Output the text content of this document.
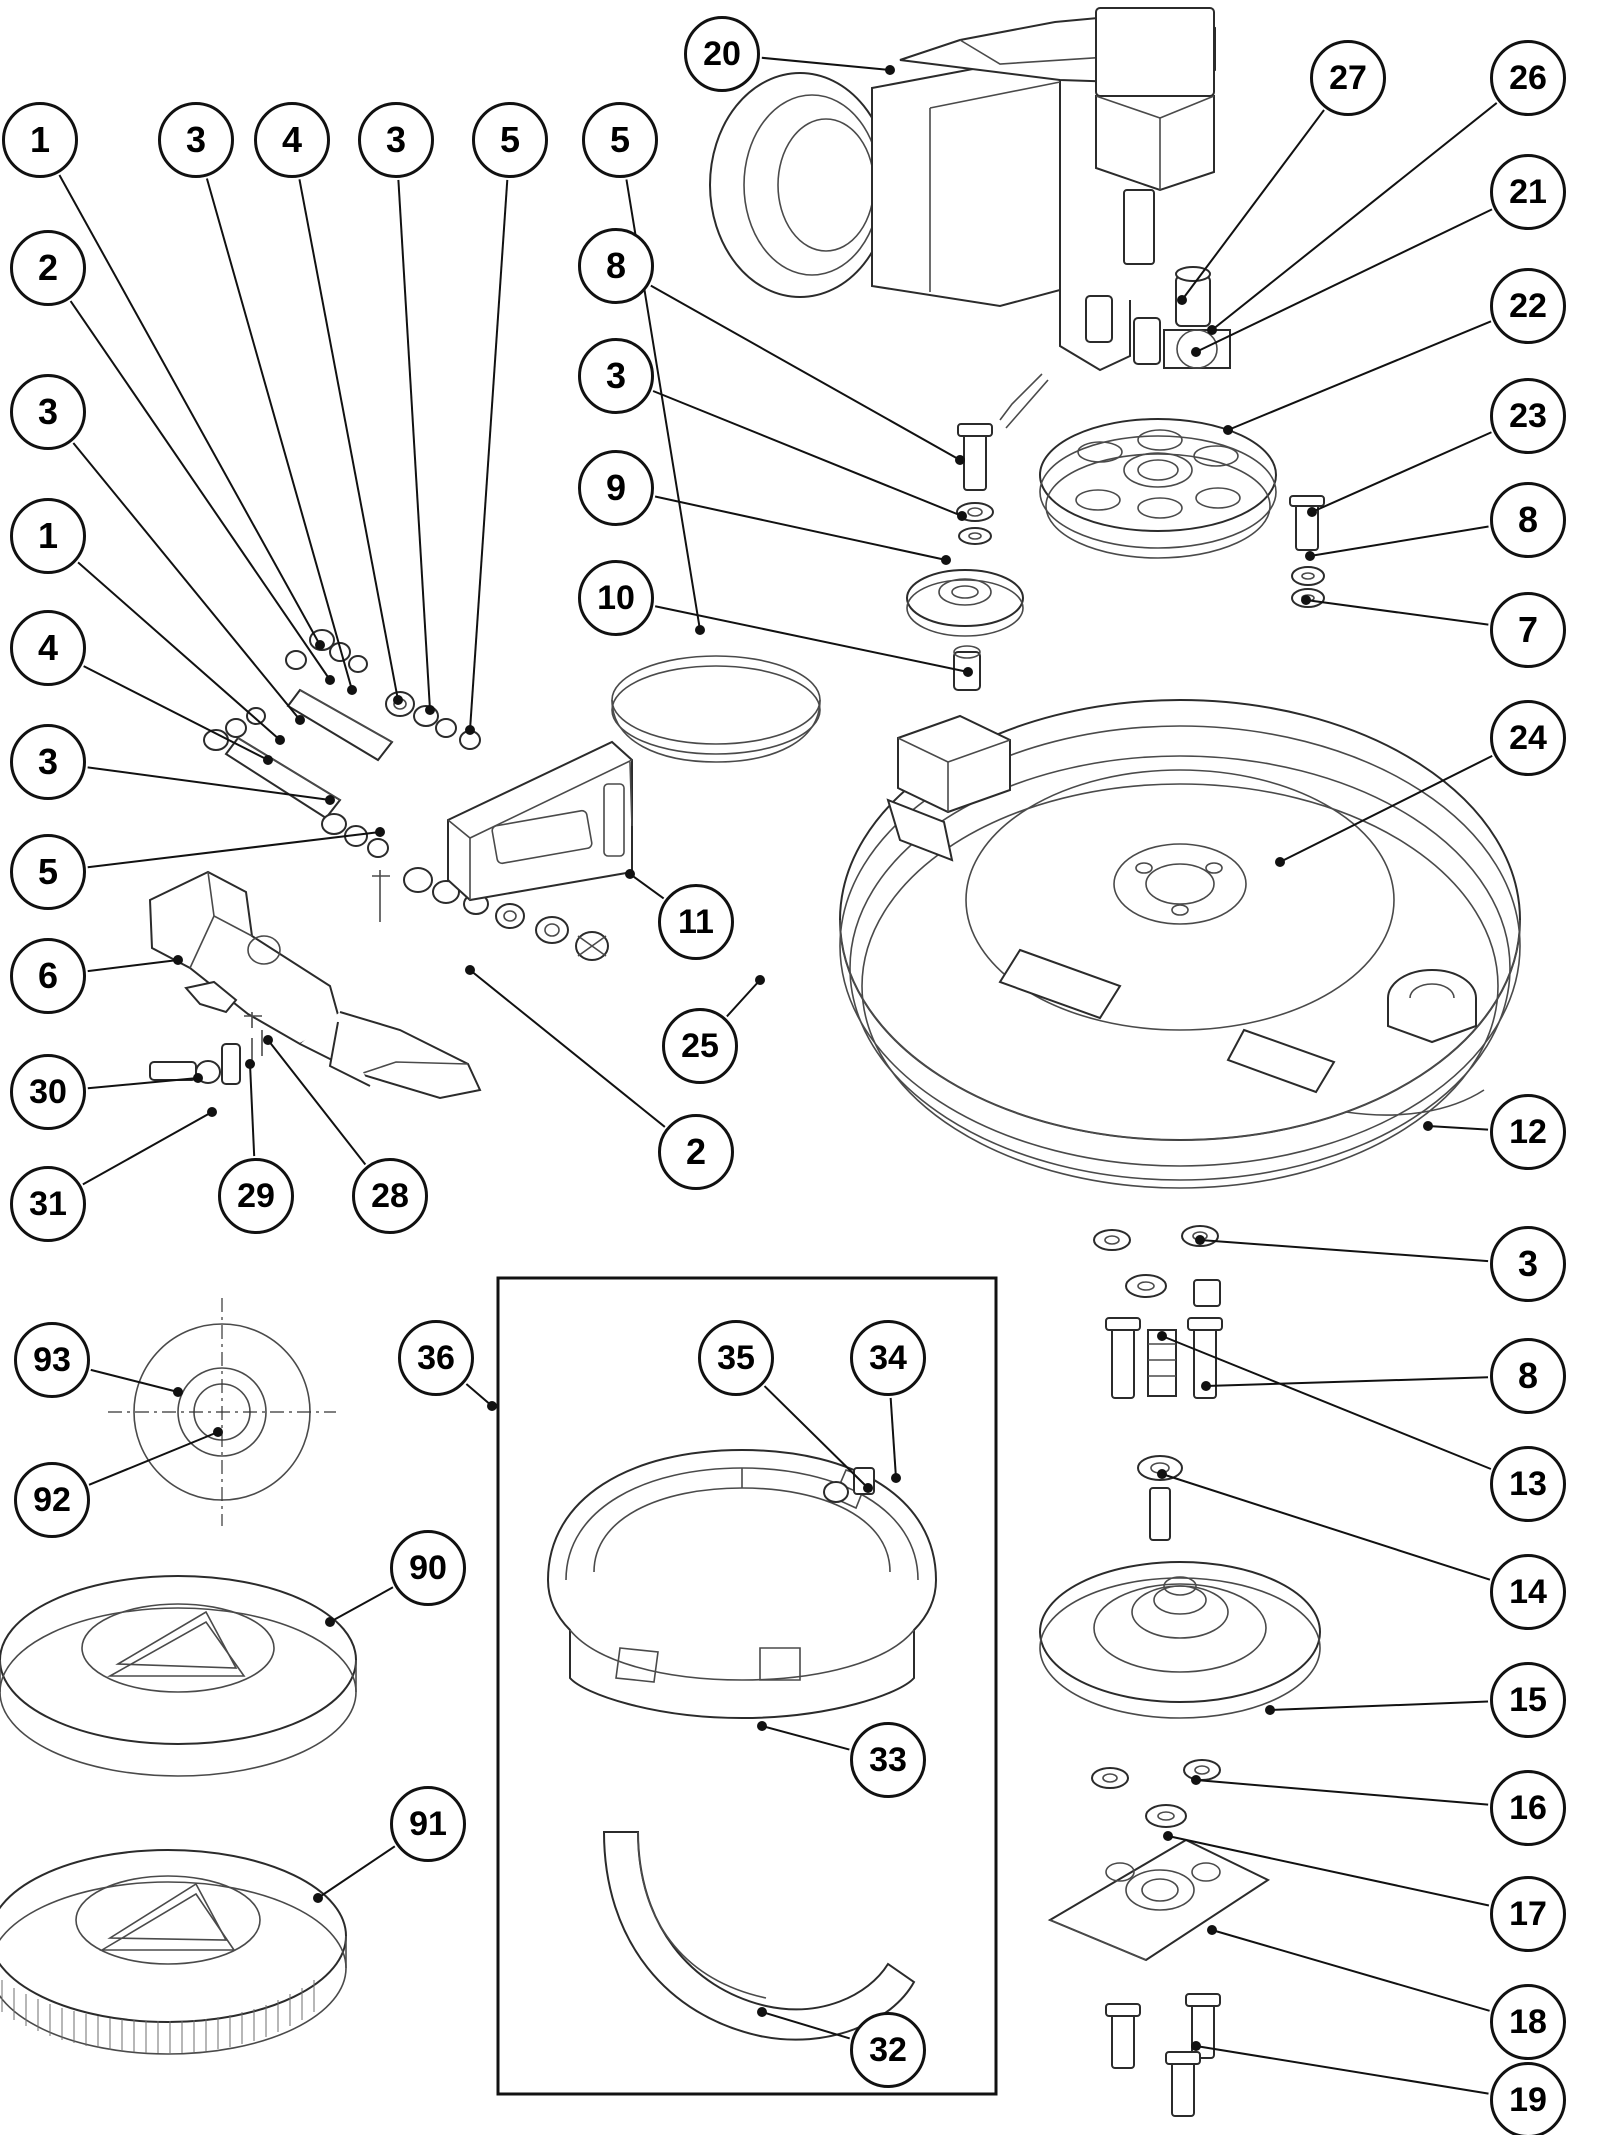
1	3 4 3	5 5
2
3
1
4
3
5
6
30
31	29	28
8
3
9
10
20
11
25
2
27	26
21
22
23
8
7
24
12
3
8
13
14
15
16
17
18
19
93
92
90
91
36	35	34
33
32
